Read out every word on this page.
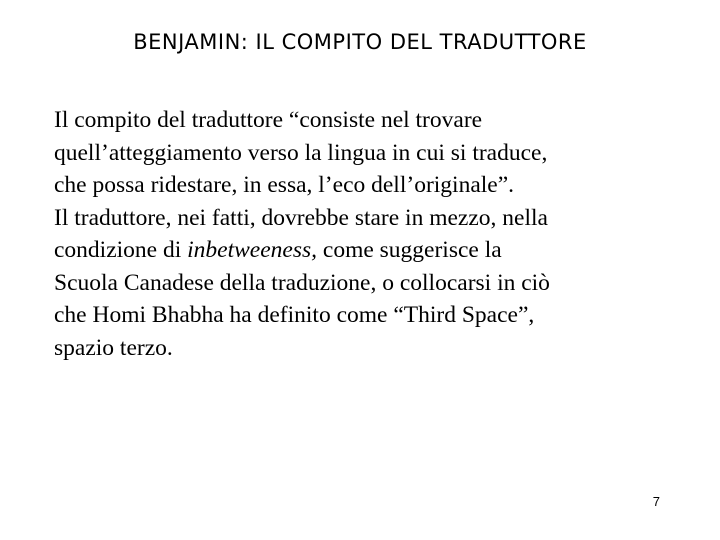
BENJAMIN: IL COMPITO DEL TRADUTTORE
Il compito del traduttore “consiste nel trovare
quell’atteggiamento verso la lingua in cui si traduce,
che possa ridestare, in essa, l’eco dell’originale”.
Il traduttore, nei fatti, dovrebbe stare in mezzo, nella
condizione di inbetweeness, come suggerisce la
Scuola Canadese della traduzione, o collocarsi in ciò
che Homi Bhabha ha definito come “Third Space”,
spazio terzo.
7
